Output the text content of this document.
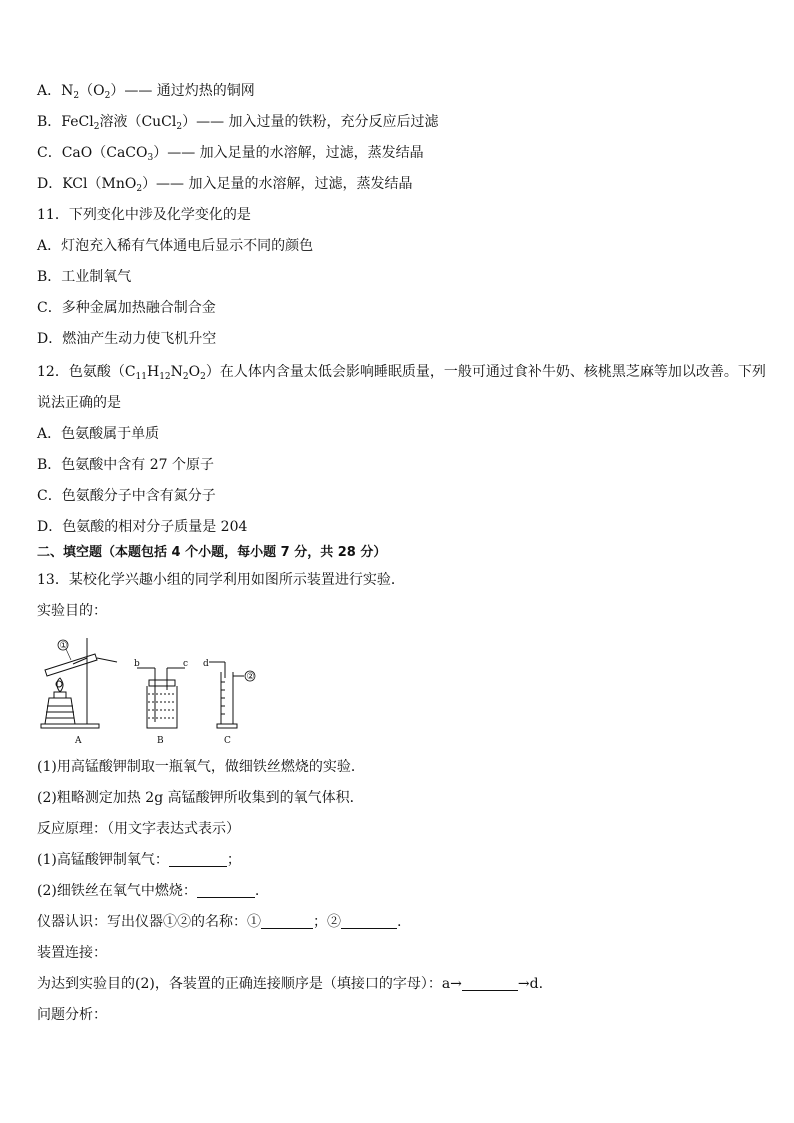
A．$N_2(O_2)——$ 通过灼热的铜网
B．FeCl$_2$溶液（CuCl$_2$）—— 加入过量的铁粉，充分反应后过滤
C．CaO（CaCO$_3$）—— 加入足量的水溶解，过滤，蒸发结晶
D．KCl（MnO$_2$）—— 加入足量的水溶解，过滤，蒸发结晶
11．下列变化中涉及化学变化的是
A．灯泡充入稀有气体通电后显示不同的颜色
B．工业制氧气
C．多种金属加热融合制合金
D．燃油产生动力使飞机升空
12．色氨酸$(C_{11}H_{12}N_2O_2)$在人体内含量太低会影响睡眠质量，一般可通过食补牛奶、核桃黑芝麻等加以改善。下列
说法正确的是
A．色氨酸属于单质
B．色氨酸中含有 27 个原子
C．色氨酸分子中含有氮分子
D．色氨酸的相对分子质量是 204
二、填空题（本题包括 4 个小题，每小题 7 分，共 28 分）
13．某校化学兴趣小组的同学利用如图所示装置进行实验．
实验目的：
①
A
b	c
B
d
②
C
(1)用高锰酸钾制取一瓶氧气，做细铁丝燃烧的实验．
(2)粗略测定加热 2g 高锰酸钾所收集到的氧气体积．
反应原理：（用文字表达式表示）
(1)高锰酸钾制氧气：	；
(2)细铁丝在氧气中燃烧：	.
仪器认识：写出仪器①②的名称：①	；②	.
装置连接：
为达到实验目的(2)，各装置的正确连接顺序是（填接口的字母）：a→	→d.
问题分析：
